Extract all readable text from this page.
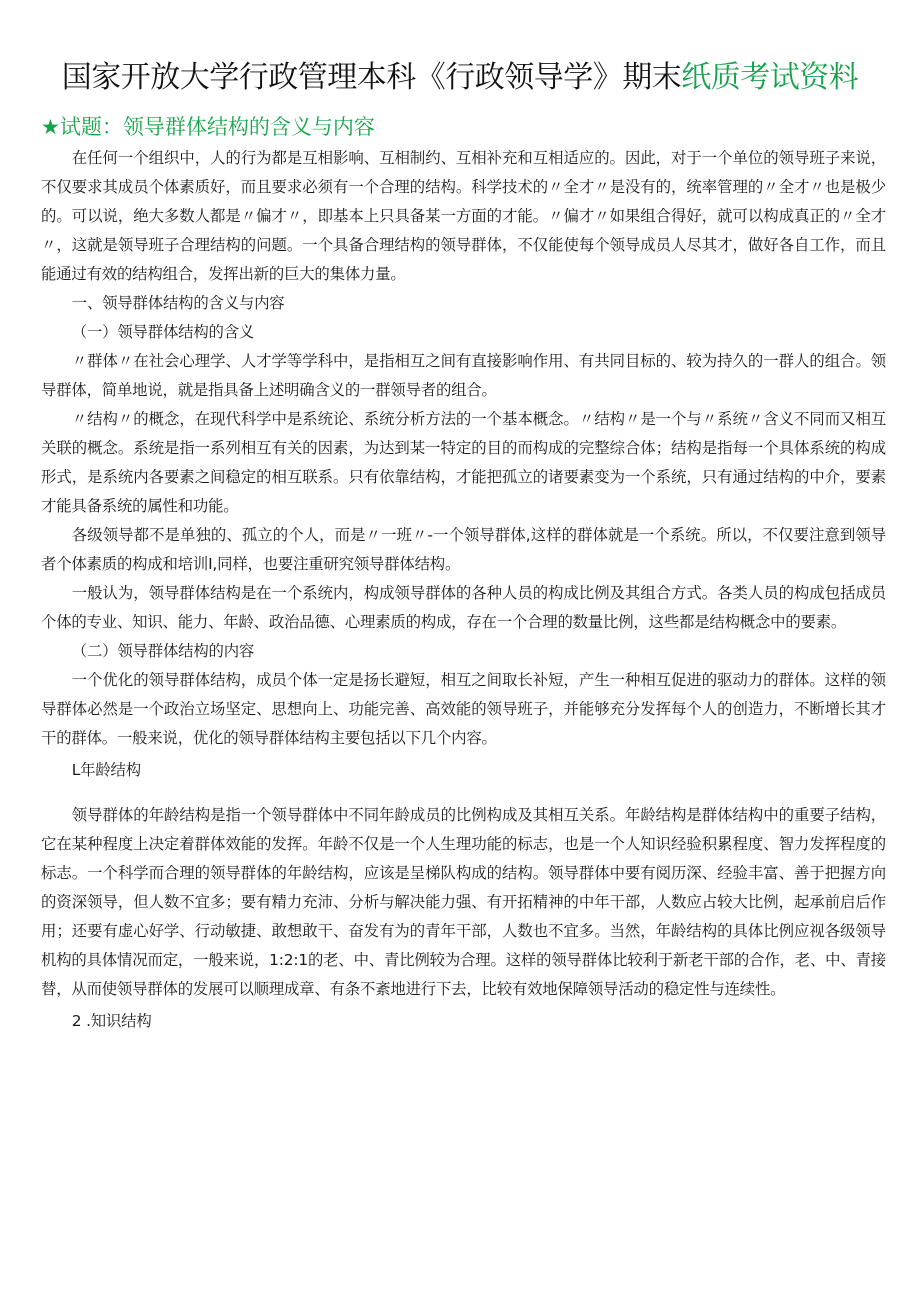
国家开放大学行政管理本科《行政领导学》期末纸质考试资料
★试题：领导群体结构的含义与内容

在任何一个组织中，人的行为都是互相影响、互相制约、互相补充和互相适应的。因此，对于一个单位的领导班子来说，不仅要求其成员个体素质好，而且要求必须有一个合理的结构。科学技术的〃全才〃是没有的，统率管理的〃全才〃也是极少的。可以说，绝大多数人都是〃偏才〃，即基本上只具备某一方面的才能。〃偏才〃如果组合得好，就可以构成真正的〃全才〃，这就是领导班子合理结构的问题。一个具备合理结构的领导群体，不仅能使每个领导成员人尽其才，做好各自工作，而且能通过有效的结构组合，发挥出新的巨大的集体力量。

一、领导群体结构的含义与内容

（一）领导群体结构的含义

〃群体〃在社会心理学、人才学等学科中，是指相互之间有直接影响作用、有共同目标的、较为持久的一群人的组合。领导群体，简单地说，就是指具备上述明确含义的一群领导者的组合。

〃结构〃的概念，在现代科学中是系统论、系统分析方法的一个基本概念。〃结构〃是一个与〃系统〃含义不同而又相互关联的概念。系统是指一系列相互有关的因素，为达到某一特定的目的而构成的完整综合体；结构是指每一个具体系统的构成形式，是系统内各要素之间稳定的相互联系。只有依靠结构，才能把孤立的诸要素变为一个系统，只有通过结构的中介，要素才能具备系统的属性和功能。

各级领导都不是单独的、孤立的个人，而是〃一班〃-一个领导群体,这样的群体就是一个系统。所以，不仅要注意到领导者个体素质的构成和培训I,同样，也要注重研究领导群体结构。

一般认为，领导群体结构是在一个系统内，构成领导群体的各种人员的构成比例及其组合方式。各类人员的构成包括成员个体的专业、知识、能力、年龄、政治品德、心理素质的构成，存在一个合理的数量比例，这些都是结构概念中的要素。

（二）领导群体结构的内容

一个优化的领导群体结构，成员个体一定是扬长避短，相互之间取长补短，产生一种相互促进的驱动力的群体。这样的领导群体必然是一个政治立场坚定、思想向上、功能完善、高效能的领导班子，并能够充分发挥每个人的创造力，不断增长其才干的群体。一般来说，优化的领导群体结构主要包括以下几个内容。

L年龄结构

领导群体的年龄结构是指一个领导群体中不同年龄成员的比例构成及其相互关系。年龄结构是群体结构中的重要子结构，它在某种程度上决定着群体效能的发挥。年龄不仅是一个人生理功能的标志，也是一个人知识经验积累程度、智力发挥程度的标志。一个科学而合理的领导群体的年龄结构，应该是呈梯队构成的结构。领导群体中要有阅历深、经验丰富、善于把握方向的资深领导，但人数不宜多；要有精力充沛、分析与解决能力强、有开拓精神的中年干部，人数应占较大比例，起承前启后作用；还要有虚心好学、行动敏捷、敢想敢干、奋发有为的青年干部，人数也不宜多。当然，年龄结构的具体比例应视各级领导机构的具体情况而定，一般来说，1:2:1的老、中、青比例较为合理。这样的领导群体比较利于新老干部的合作，老、中、青接替，从而使领导群体的发展可以顺理成章、有条不紊地进行下去，比较有效地保障领导活动的稳定性与连续性。

2 .知识结构
